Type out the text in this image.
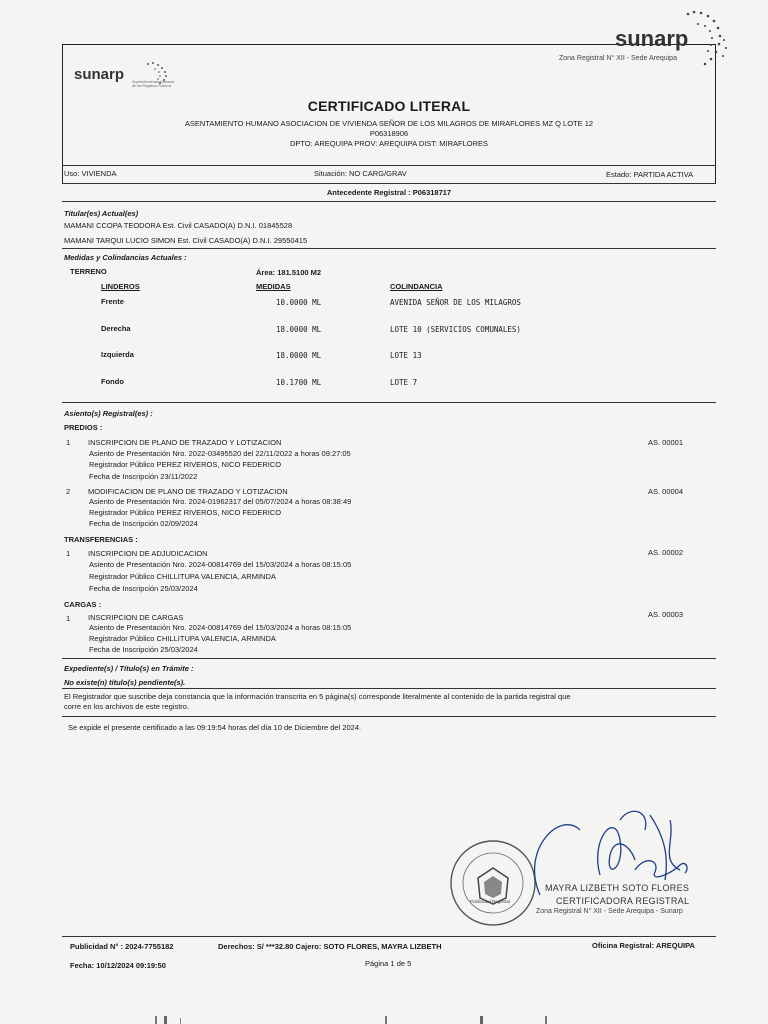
sunarp Superintendencia Nacional de los Registros Públicos
sunarp
Zona Registral N° XII - Sede Arequipa
CERTIFICADO LITERAL
ASENTAMIENTO HUMANO ASOCIACION DE VIVIENDA SEÑOR DE LOS MILAGROS DE MIRAFLORES MZ Q LOTE 12
P06318906
DPTO: AREQUIPA PROV: AREQUIPA DIST: MIRAFLORES
Uso: VIVIENDA	Situación: NO CARG/GRAV	Estado: PARTIDA ACTIVA
Antecedente Registral : P06318717
Titular(es) Actual(es)
MAMANI CCOPA TEODORA Est. Civil CASADO(A) D.N.I. 01845528
MAMANI TARQUI LUCIO SIMON Est. Civil CASADO(A) D.N.I. 29550415
Medidas y Colindancias Actuales :
TERRENO	Área: 181.5100 M2
LINDEROS	MEDIDAS	COLINDANCIA
Frente	10.0000 ML	AVENIDA SEÑOR DE LOS MILAGROS
Derecha	18.0000 ML	LOTE 10 (SERVICIOS COMUNALES)
Izquierda	18.0000 ML	LOTE 13
Fondo	10.1700 ML	LOTE 7
Asiento(s) Registral(es) :
PREDIOS :
1 INSCRIPCION DE PLANO DE TRAZADO Y LOTIZACION
Asiento de Presentación Nro. 2022-03495520 del 22/11/2022 a horas 09:27:05
Registrador Público PEREZ RIVEROS, NICO FEDERICO
Fecha de Inscripción 23/11/2022
AS. 00001
2 MODIFICACION DE PLANO DE TRAZADO Y LOTIZACION
Asiento de Presentación Nro. 2024-01962317 del 05/07/2024 a horas 08:38:49
Registrador Público PEREZ RIVEROS, NICO FEDERICO
Fecha de Inscripción 02/09/2024
AS. 00004
TRANSFERENCIAS :
1 INSCRIPCION DE ADJUDICACION
Asiento de Presentación Nro. 2024-00814769 del 15/03/2024 a horas 08:15:05
Registrador Público CHILLITUPA VALENCIA, ARMINDA
Fecha de Inscripción 25/03/2024
AS. 00002
CARGAS :
1 INSCRIPCION DE CARGAS
Asiento de Presentación Nro. 2024-00814769 del 15/03/2024 a horas 08:15:05
Registrador Público CHILLITUPA VALENCIA, ARMINDA
Fecha de Inscripción 25/03/2024
AS. 00003
Expediente(s) / Título(s) en Trámite :
No existe(n) título(s) pendiente(s).
El Registrador que suscribe deja constancia que la información transcrita en 5 página(s) corresponde literalmente al contenido de la partida registral que
corre en los archivos de este registro.
Se expide el presente certificado a las 09:19:54 horas del día 10 de Diciembre del 2024.
Publicidad Registral
MAYRA LIZBETH SOTO FLORES
CERTIFICADORA REGISTRAL
Zona Registral N° XII - Sede Arequipa - Sunarp
Publicidad N° : 2024-7755182	Derechos: S/ ***32.80 Cajero: SOTO FLORES, MAYRA LIZBETH	Oficina Registral: AREQUIPA
Fecha: 10/12/2024 09:19:50	Página 1 de 5
